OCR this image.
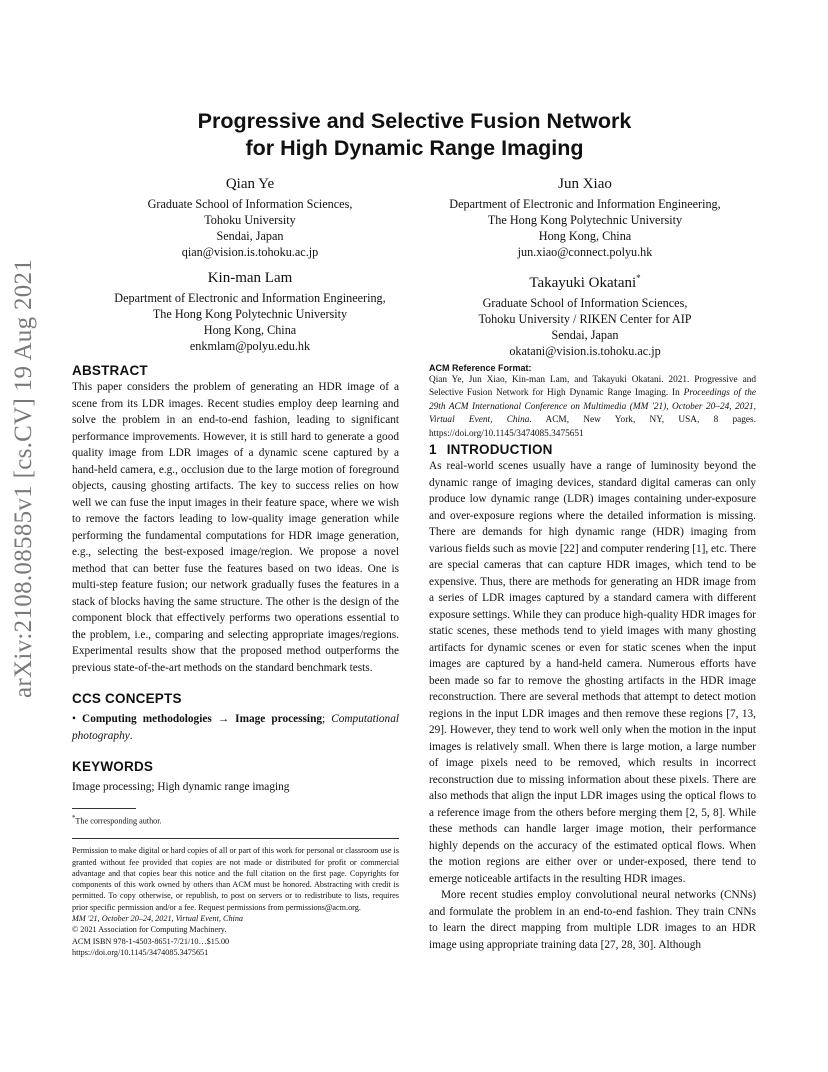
arXiv:2108.08585v1 [cs.CV] 19 Aug 2021
Progressive and Selective Fusion Network
for High Dynamic Range Imaging
Qian Ye
Graduate School of Information Sciences,
Tohoku University
Sendai, Japan
qian@vision.is.tohoku.ac.jp
Jun Xiao
Department of Electronic and Information Engineering,
The Hong Kong Polytechnic University
Hong Kong, China
jun.xiao@connect.polyu.hk
Kin-man Lam
Department of Electronic and Information Engineering,
The Hong Kong Polytechnic University
Hong Kong, China
enkmlam@polyu.edu.hk
Takayuki Okatani*
Graduate School of Information Sciences,
Tohoku University / RIKEN Center for AIP
Sendai, Japan
okatani@vision.is.tohoku.ac.jp
ABSTRACT

This paper considers the problem of generating an HDR image of a scene from its LDR images. Recent studies employ deep learning and solve the problem in an end-to-end fashion, leading to significant performance improvements. However, it is still hard to generate a good quality image from LDR images of a dynamic scene captured by a hand-held camera, e.g., occlusion due to the large motion of foreground objects, causing ghosting artifacts. The key to success relies on how well we can fuse the input images in their feature space, where we wish to remove the factors leading to low-quality image generation while performing the fundamental computations for HDR image generation, e.g., selecting the best-exposed image/region. We propose a novel method that can better fuse the features based on two ideas. One is multi-step feature fusion; our network gradually fuses the features in a stack of blocks having the same structure. The other is the design of the component block that effectively performs two operations essential to the problem, i.e., comparing and selecting appropriate images/regions. Experimental results show that the proposed method outperforms the previous state-of-the-art methods on the standard benchmark tests.

CCS CONCEPTS

• Computing methodologies → Image processing; Computational photography.

KEYWORDS

Image processing; High dynamic range imaging

*The corresponding author.

Permission to make digital or hard copies of all or part of this work for personal or classroom use is granted without fee provided that copies are not made or distributed for profit or commercial advantage and that copies bear this notice and the full citation on the first page. Copyrights for components of this work owned by others than ACM must be honored. Abstracting with credit is permitted. To copy otherwise, or republish, to post on servers or to redistribute to lists, requires prior specific permission and/or a fee. Request permissions from permissions@acm.org.

MM '21, October 20–24, 2021, Virtual Event, China

© 2021 Association for Computing Machinery.

ACM ISBN 978-1-4503-8651-7/21/10…$15.00

https://doi.org/10.1145/3474085.3475651

ACM Reference Format:

Qian Ye, Jun Xiao, Kin-man Lam, and Takayuki Okatani. 2021. Progressive and Selective Fusion Network for High Dynamic Range Imaging. In Proceedings of the 29th ACM International Conference on Multimedia (MM '21), October 20–24, 2021, Virtual Event, China. ACM, New York, NY, USA, 8 pages. https://doi.org/10.1145/3474085.3475651

1 INTRODUCTION

As real-world scenes usually have a range of luminosity beyond the dynamic range of imaging devices, standard digital cameras can only produce low dynamic range (LDR) images containing under-exposure and over-exposure regions where the detailed information is missing. There are demands for high dynamic range (HDR) imaging from various fields such as movie [22] and computer rendering [1], etc. There are special cameras that can capture HDR images, which tend to be expensive. Thus, there are methods for generating an HDR image from a series of LDR images captured by a standard camera with different exposure settings. While they can produce high-quality HDR images for static scenes, these methods tend to yield images with many ghosting artifacts for dynamic scenes or even for static scenes when the input images are captured by a hand-held camera. Numerous efforts have been made so far to remove the ghosting artifacts in the HDR image reconstruction. There are several methods that attempt to detect motion regions in the input LDR images and then remove these regions [7, 13, 29]. However, they tend to work well only when the motion in the input images is relatively small. When there is large motion, a large number of image pixels need to be removed, which results in incorrect reconstruction due to missing information about these pixels. There are also methods that align the input LDR images using the optical flows to a reference image from the others before merging them [2, 5, 8]. While these methods can handle larger image motion, their performance highly depends on the accuracy of the estimated optical flows. When the motion regions are either over or under-exposed, there tend to emerge noticeable artifacts in the resulting HDR images.

More recent studies employ convolutional neural networks (CNNs) and formulate the problem in an end-to-end fashion. They train CNNs to learn the direct mapping from multiple LDR images to an HDR image using appropriate training data [27, 28, 30]. Although
